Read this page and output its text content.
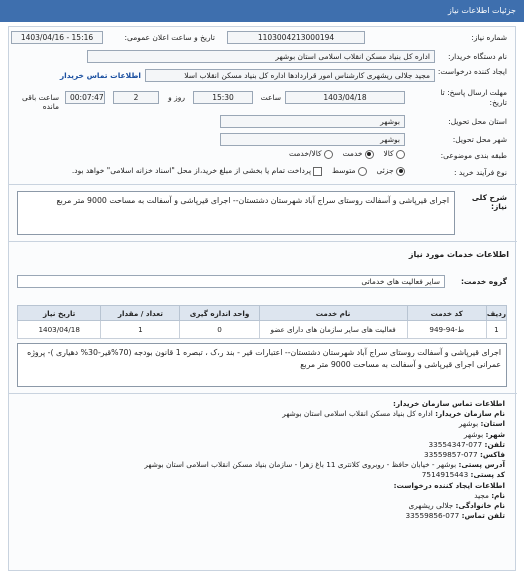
جزئیات اطلاعات نیاز
شماره نیاز:
1103004213000194
تاریخ و ساعت اعلان عمومی:
1403/04/16 - 15:16
نام دستگاه خریدار:
اداره کل بنیاد مسکن انقلاب اسلامی استان بوشهر
ایجاد کننده درخواست:
مجید جلالی ریشهری کارشناس امور قراردادها اداره کل بنیاد مسکن انقلاب اسلا
اطلاعات تماس خریدار
مهلت ارسال پاسخ: تا تاریخ:
1403/04/18
ساعت
15:30
روز و
2
00:07:47
ساعت باقی مانده
استان محل تحویل:
بوشهر
شهر محل تحویل:
بوشهر
طبقه بندی موضوعی:
کالا     خدمت     کالا/خدمت
نوع فرآیند خرید :
جزئی     متوسط     پرداخت تمام یا بخشی از مبلغ خرید،از محل "اسناد خزانه اسلامی" خواهد بود.
شرح کلی نیاز:
اجرای قیرپاشی و آسفالت روستای سراج آباد شهرستان دشتستان-- اجرای قیرپاشی و آسفالت به مساحت 9000 متر مربع
اطلاعات خدمات مورد نیاز
گروه خدمت:
سایر فعالیت های خدماتی
ردیف	کد خدمت	نام خدمت	واحد اندازه گیری	تعداد / مقدار	تاریخ نیاز
1	ط-94-949	فعالیت های سایر سازمان های دارای عضو	0	1	1403/04/18
اجرای قیرپاشی و آسفالت روستای سراج آباد شهرستان دشتستان-- اعتبارات قیر - بند ر،ک ، تبصره 1 قانون بودجه (70%قیر-30% دهیاری )- پروژه عمرانی اجرای قیرپاشی و آسفالت به مساحت 9000 متر مربع
اطلاعات تماس سازمان خریدار:
نام سازمان خریدار: اداره کل بنیاد مسکن انقلاب اسلامی استان بوشهر
استان: بوشهر
شهر: بوشهر
تلفن: 077-33554347
فاکس: 077-33559857
آدرس پستی: بوشهر - خیابان حافظ - روبروی کلانتری 11 باغ زهرا - سازمان بنیاد مسکن انقلاب اسلامی استان بوشهر
کد پستی: 7514915443
اطلاعات ایجاد کننده درخواست:
نام: مجید
نام خانوادگی: جلالی ریشهری
تلفن تماس: 077-33559856
